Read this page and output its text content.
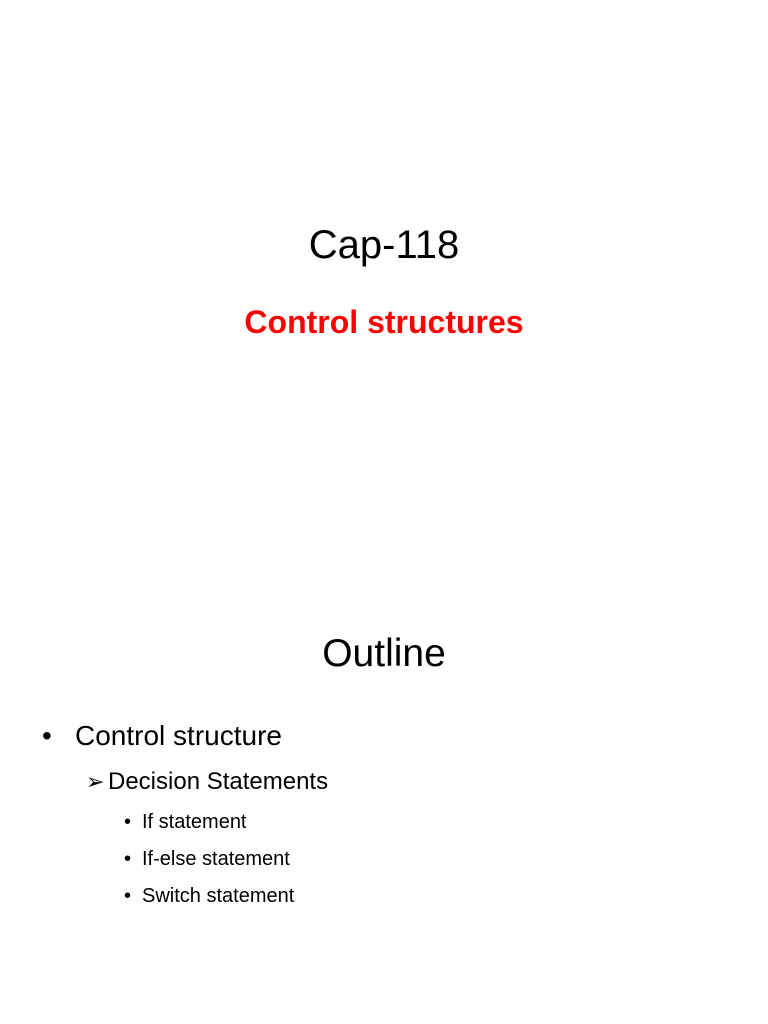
Cap-118
Control structures
Outline
• Control structure
➢ Decision Statements
• If statement
• If-else statement
• Switch statement
